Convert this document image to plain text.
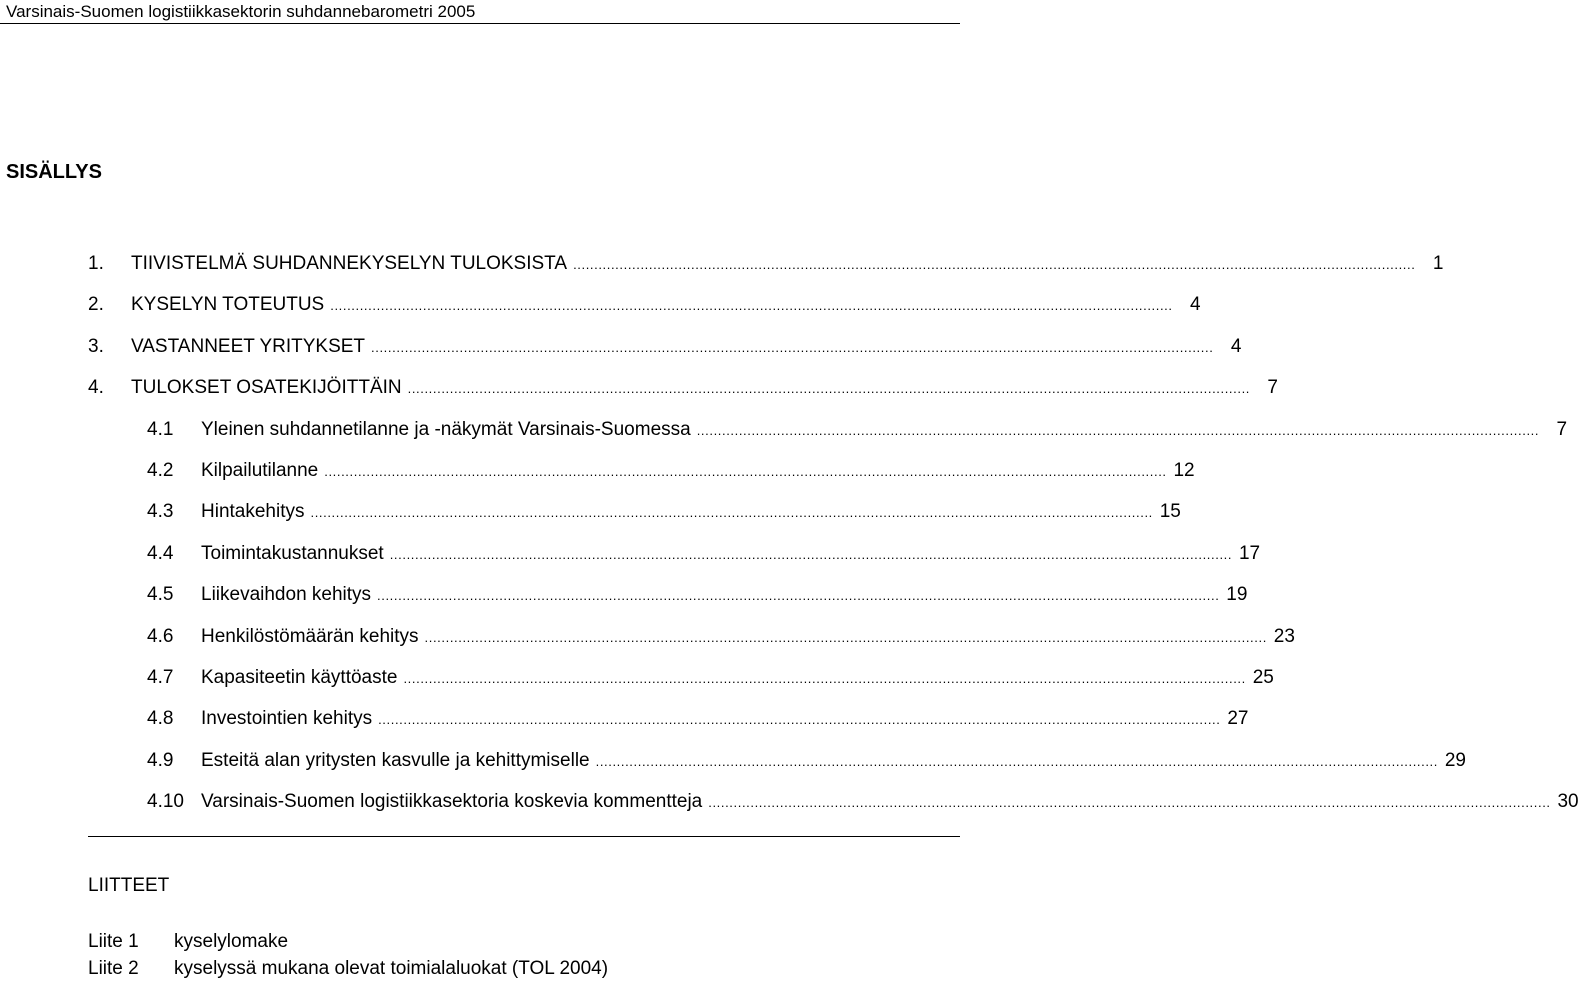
Varsinais-Suomen logistiikkasektorin suhdannebarometri 2005
SISÄLLYS
1. TIIVISTELMÄ SUHDANNEKYSELYN TULOKSISTA ........................................................................................................................................................................................................ 1
2. KYSELYN TOTEUTUS ........................................................................................................................................................................................................ 4
3. VASTANNEET YRITYKSET ........................................................................................................................................................................................................ 4
4. TULOKSET OSATEKIJÖITTÄIN ........................................................................................................................................................................................................ 7
4.1 Yleinen suhdannetilanne ja -näkymät Varsinais-Suomessa ........................................................................................................................................................................................................ 7
4.2 Kilpailutilanne ........................................................................................................................................................................................................ 12
4.3 Hintakehitys ........................................................................................................................................................................................................ 15
4.4 Toimintakustannukset ........................................................................................................................................................................................................ 17
4.5 Liikevaihdon kehitys ........................................................................................................................................................................................................ 19
4.6 Henkilöstömäärän kehitys ........................................................................................................................................................................................................ 23
4.7 Kapasiteetin käyttöaste ........................................................................................................................................................................................................ 25
4.8 Investointien kehitys ........................................................................................................................................................................................................ 27
4.9 Esteitä alan yritysten kasvulle ja kehittymiselle ........................................................................................................................................................................................................ 29
4.10 Varsinais-Suomen logistiikkasektoria koskevia kommentteja ........................................................................................................................................................................................................ 30
LIITTEET
Liite 1 kyselylomake
Liite 2 kyselyssä mukana olevat toimialaluokat (TOL 2004)
